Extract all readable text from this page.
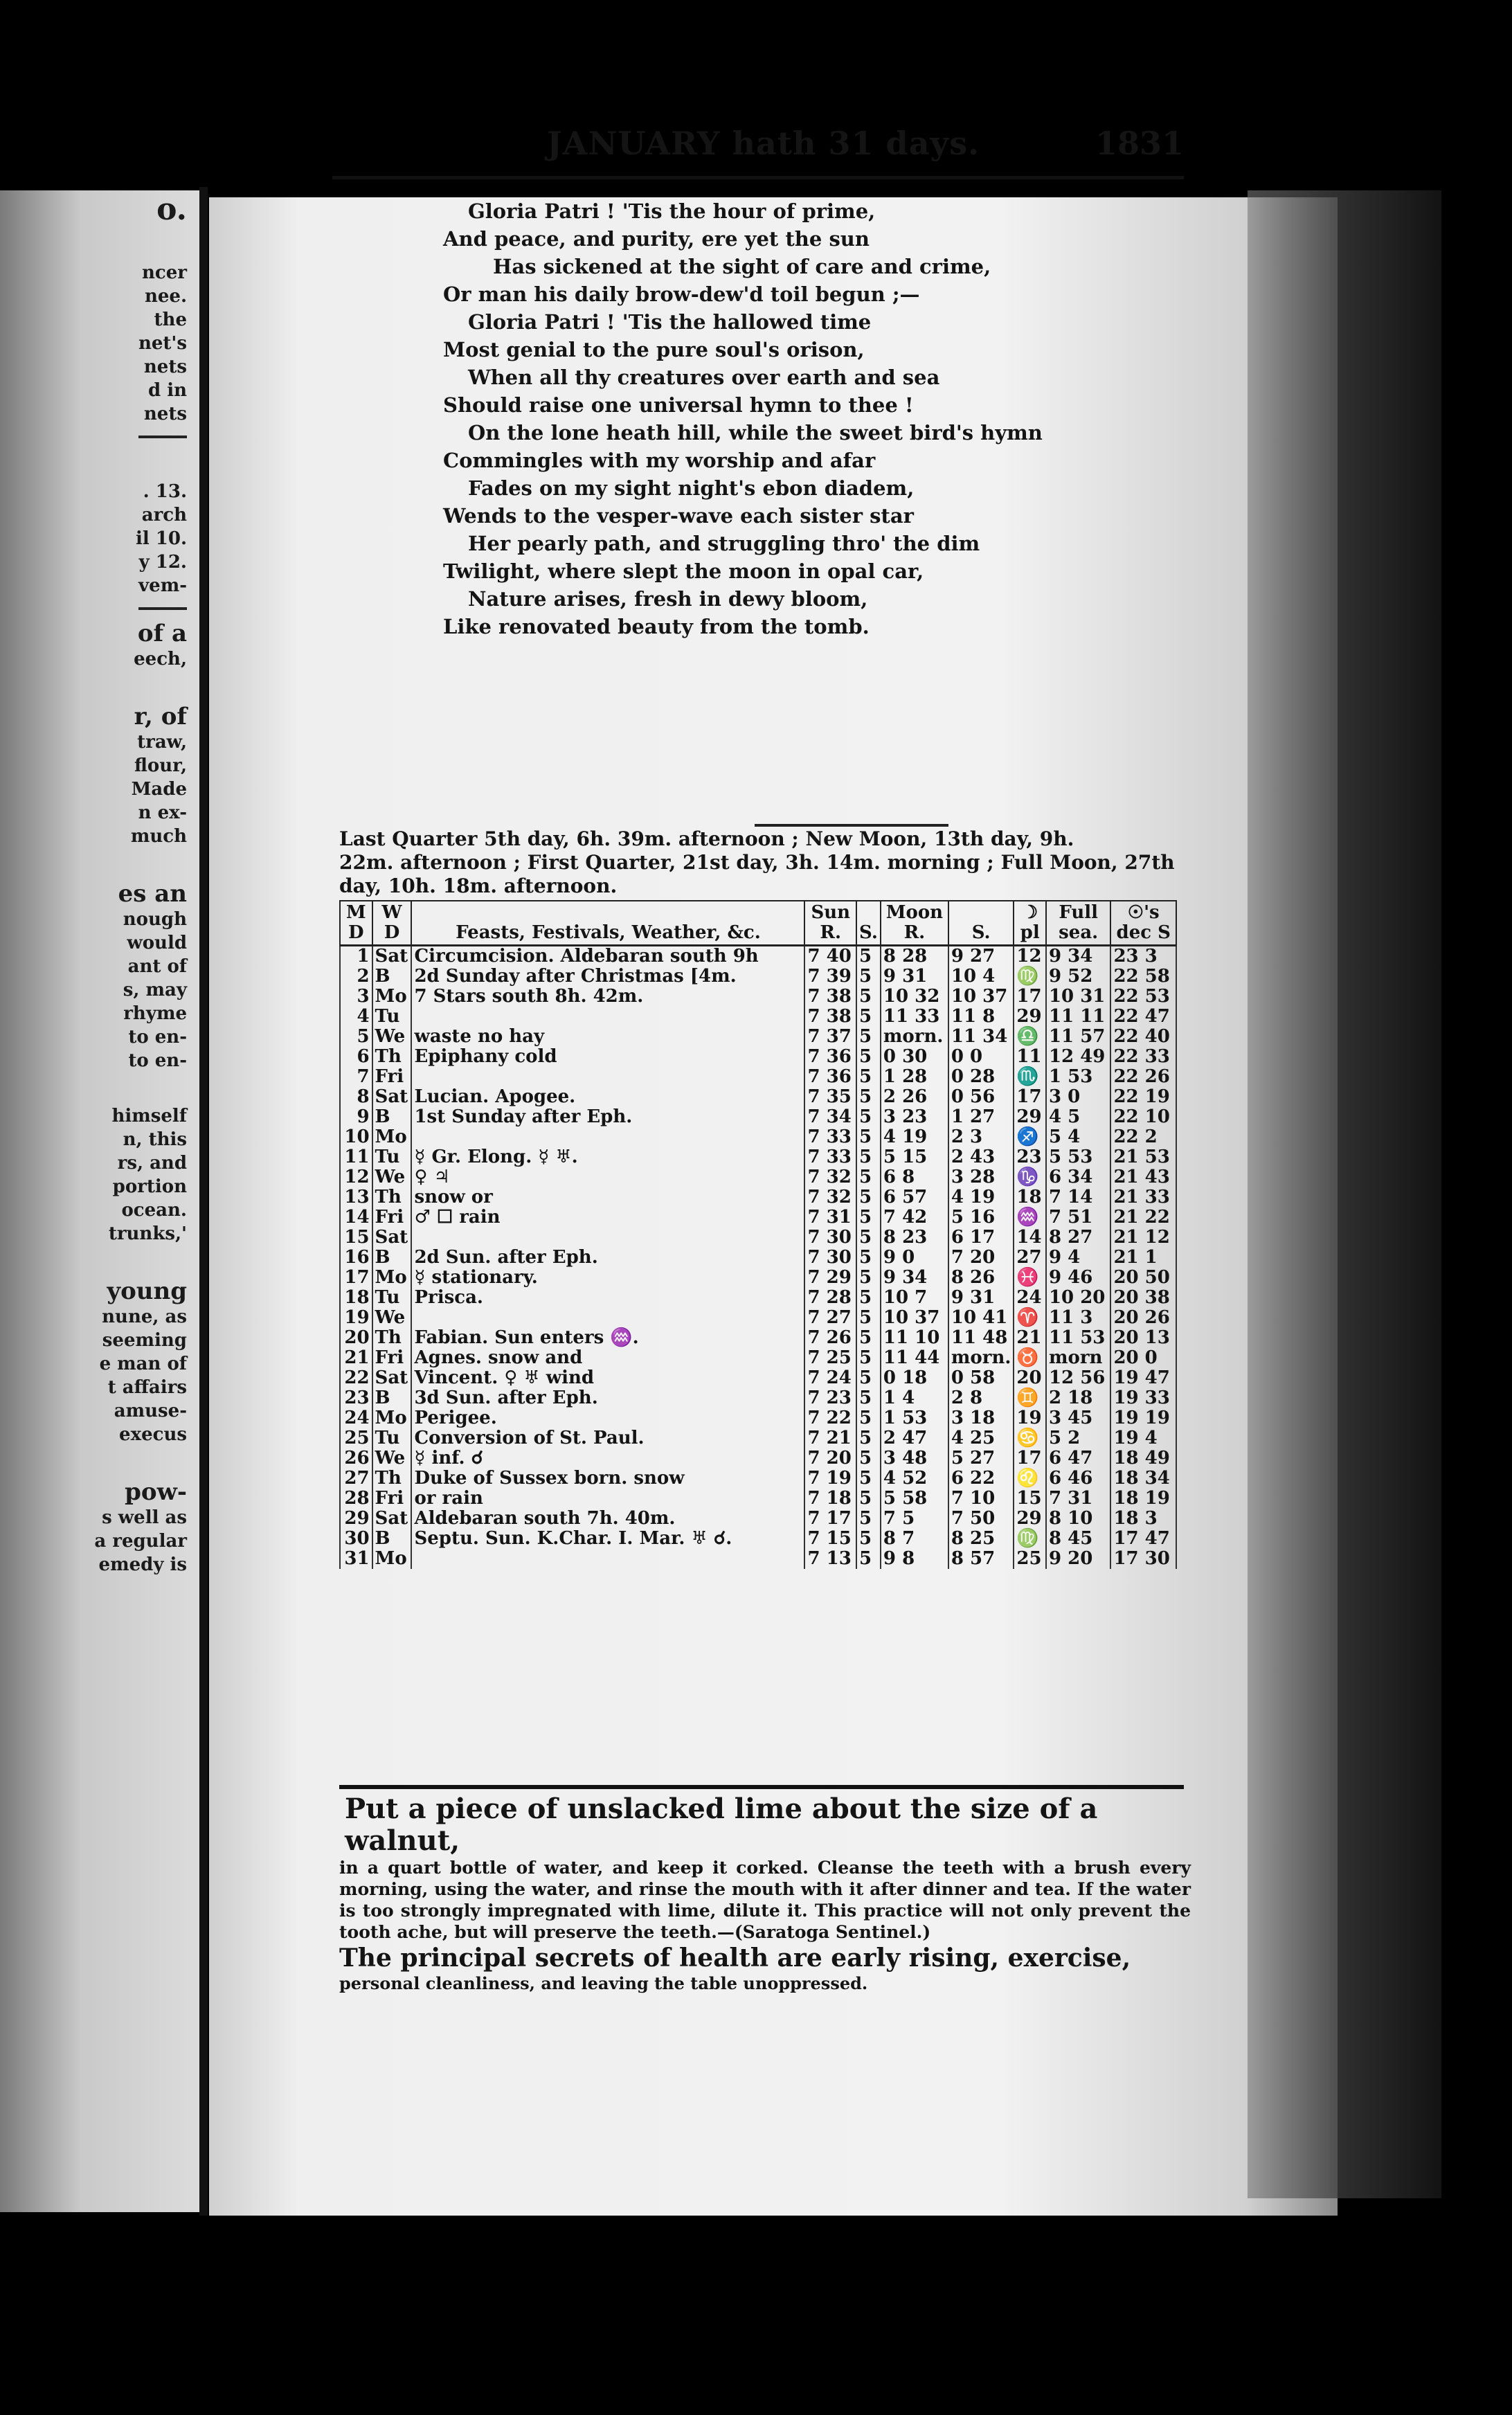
o.
ncer
nee.
the
net's
nets
d in
nets
. 13.
arch
il 10.
y 12.
vem-
of a
eech,
r, of
traw,
flour,
Made
n ex-
much
es an
nough
would
ant of
s, may
rhyme
to en-
to en-
himself
n, this
rs, and
portion
ocean.
trunks,'
young
nune, as
seeming
e man of
t affairs
amuse-
execus
pow-
s well as
a regular
emedy is
JANUARY hath 31 days.	1831
Gloria Patri ! 'Tis the hour of prime,
And peace, and purity, ere yet the sun
Has sickened at the sight of care and crime,
Or man his daily brow-dew'd toil begun ;—
Gloria Patri ! 'Tis the hallowed time
Most genial to the pure soul's orison,
When all thy creatures over earth and sea
Should raise one universal hymn to thee !
On the lone heath hill, while the sweet bird's hymn
Commingles with my worship and afar
Fades on my sight night's ebon diadem,
Wends to the vesper-wave each sister star
Her pearly path, and struggling thro' the dim
Twilight, where slept the moon in opal car,
Nature arises, fresh in dewy bloom,
Like renovated beauty from the tomb.
Last Quarter 5th day, 6h. 39m. afternoon ; New Moon, 13th day, 9h.
22m. afternoon ; First Quarter, 21st day, 3h. 14m. morning ; Full Moon, 27th
day, 10h. 18m. afternoon.
M D	W D	Feasts, Festivals, Weather, &c.	Sun R.	S.	Moon R.	S.	☽ pl	Full sea.	☉'s dec S
1	Sat	Circumcision. Aldebaran south 9h	7 40	5	8 28	9 27	12	9 34	23 3
2	B	2d Sunday after Christmas [4m.	7 39	5	9 31	10 4	♍	9 52	22 58
3	Mo	7 Stars south 8h. 42m.	7 38	5	10 32	10 37	17	10 31	22 53
4	Tu		7 38	5	11 33	11 8	29	11 11	22 47
5	We	waste no hay	7 37	5	morn.	11 34	♎	11 57	22 40
6	Th	Epiphany cold	7 36	5	0 30	0 0	11	12 49	22 33
7	Fri		7 36	5	1 28	0 28	♏	1 53	22 26
8	Sat	Lucian. Apogee.	7 35	5	2 26	0 56	17	3 0	22 19
9	B	1st Sunday after Eph.	7 34	5	3 23	1 27	29	4 5	22 10
10	Mo		7 33	5	4 19	2 3	♐	5 4	22 2
11	Tu	☿ Gr. Elong. ☿ ♅.	7 33	5	5 15	2 43	23	5 53	21 53
12	We	♀ ♃	7 32	5	6 8	3 28	♑	6 34	21 43
13	Th	snow or	7 32	5	6 57	4 19	18	7 14	21 33
14	Fri	♂ ☐ rain	7 31	5	7 42	5 16	♒	7 51	21 22
15	Sat		7 30	5	8 23	6 17	14	8 27	21 12
16	B	2d Sun. after Eph.	7 30	5	9 0	7 20	27	9 4	21 1
17	Mo	☿ stationary.	7 29	5	9 34	8 26	♓	9 46	20 50
18	Tu	Prisca.	7 28	5	10 7	9 31	24	10 20	20 38
19	We		7 27	5	10 37	10 41	♈	11 3	20 26
20	Th	Fabian. Sun enters ♒.	7 26	5	11 10	11 48	21	11 53	20 13
21	Fri	Agnes. snow and	7 25	5	11 44	morn.	♉	morn	20 0
22	Sat	Vincent. ♀ ♅ wind	7 24	5	0 18	0 58	20	12 56	19 47
23	B	3d Sun. after Eph.	7 23	5	1 4	2 8	♊	2 18	19 33
24	Mo	Perigee.	7 22	5	1 53	3 18	19	3 45	19 19
25	Tu	Conversion of St. Paul.	7 21	5	2 47	4 25	♋	5 2	19 4
26	We	☿ inf. ☌	7 20	5	3 48	5 27	17	6 47	18 49
27	Th	Duke of Sussex born. snow	7 19	5	4 52	6 22	♌	6 46	18 34
28	Fri	or rain	7 18	5	5 58	7 10	15	7 31	18 19
29	Sat	Aldebaran south 7h. 40m.	7 17	5	7 5	7 50	29	8 10	18 3
30	B	Septu. Sun. K.Char. I. Mar. ♅ ☌.	7 15	5	8 7	8 25	♍	8 45	17 47
31	Mo		7 13	5	9 8	8 57	25	9 20	17 30
Put a piece of unslacked lime about the size of a walnut,
in a quart bottle of water, and keep it corked. Cleanse the teeth with a brush every morning, using the water, and rinse the mouth with it after dinner and tea. If the water is too strongly impregnated with lime, dilute it. This practice will not only prevent the tooth ache, but will preserve the teeth.—(Saratoga Sentinel.)
The principal secrets of health are early rising, exercise,
personal cleanliness, and leaving the table unoppressed.
